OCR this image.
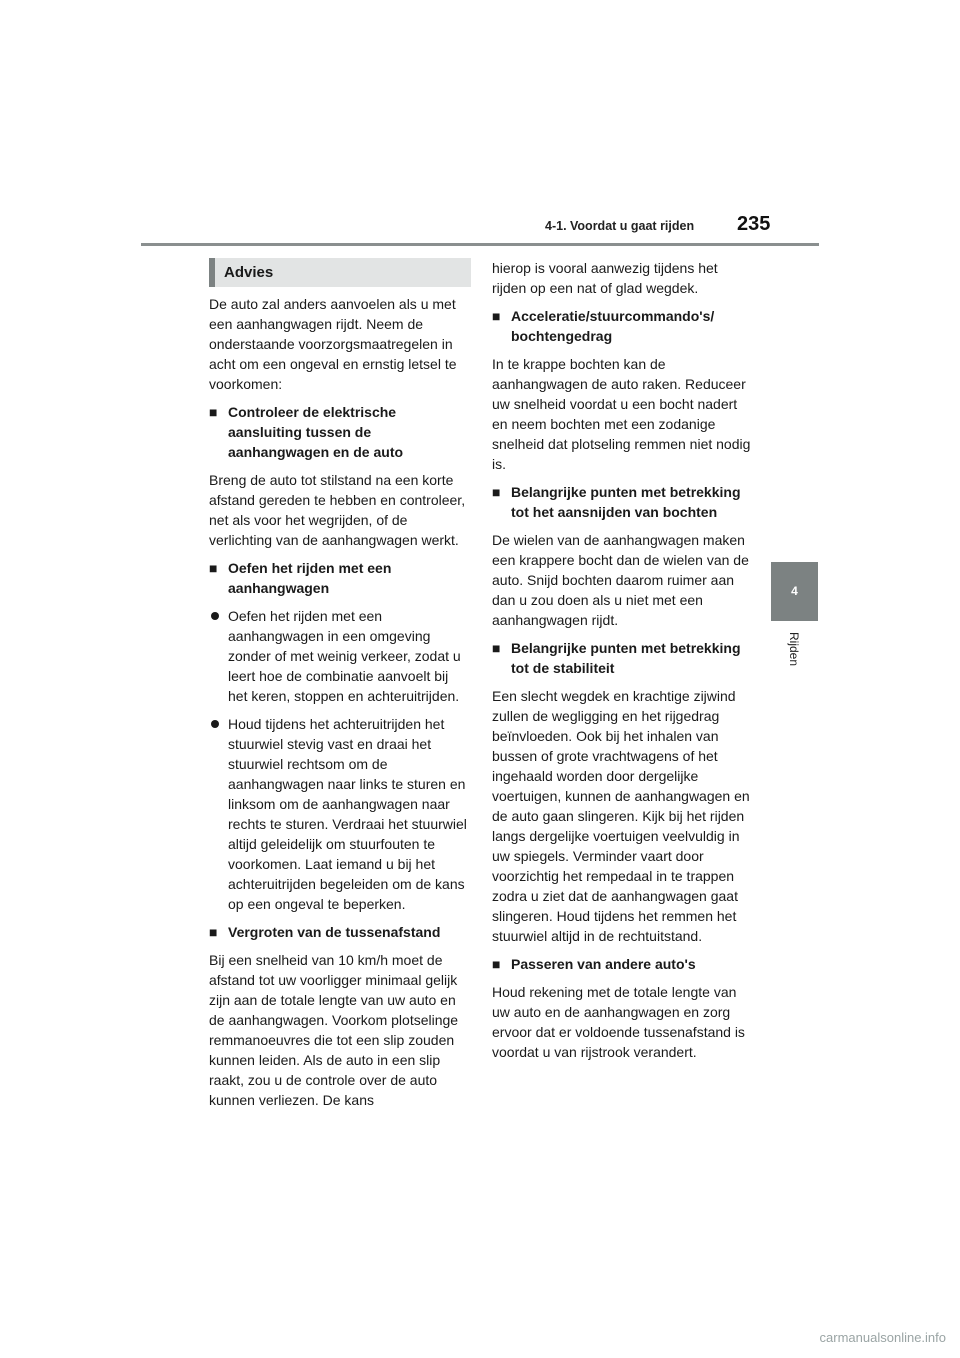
4-1. Voordat u gaat rijden 235
4
Rijden
Advies

De auto zal anders aanvoelen als u met een aanhangwagen rijdt. Neem de onderstaande voorzorgsmaatregelen in acht om een ongeval en ernstig letsel te voorkomen:

■ Controleer de elektrische aansluiting tussen de aanhangwagen en de auto

Breng de auto tot stilstand na een korte afstand gereden te hebben en controleer, net als voor het wegrijden, of de verlichting van de aanhangwagen werkt.

■ Oefen het rijden met een aanhangwagen
Oefen het rijden met een aanhangwagen in een omgeving zonder of met weinig verkeer, zodat u leert hoe de combinatie aanvoelt bij het keren, stoppen en achteruitrijden.
Houd tijdens het achteruitrijden het stuurwiel stevig vast en draai het stuurwiel rechtsom om de aanhangwagen naar links te sturen en linksom om de aanhangwagen naar rechts te sturen. Verdraai het stuurwiel altijd geleidelijk om stuurfouten te voorkomen. Laat iemand u bij het achteruitrijden begeleiden om de kans op een ongeval te beperken.
■ Vergroten van de tussenafstand

Bij een snelheid van 10 km/h moet de afstand tot uw voorligger minimaal gelijk zijn aan de totale lengte van uw auto en de aanhangwagen. Voorkom plotselinge remmanoeuvres die tot een slip zouden kunnen leiden. Als de auto in een slip raakt, zou u de controle over de auto kunnen verliezen. De kans

hierop is vooral aanwezig tijdens het rijden op een nat of glad wegdek.

■ Acceleratie/stuurcommando's/ bochtengedrag

In te krappe bochten kan de aanhangwagen de auto raken. Reduceer uw snelheid voordat u een bocht nadert en neem bochten met een zodanige snelheid dat plotseling remmen niet nodig is.

■ Belangrijke punten met betrekking tot het aansnijden van bochten

De wielen van de aanhangwagen maken een krappere bocht dan de wielen van de auto. Snijd bochten daarom ruimer aan dan u zou doen als u niet met een aanhangwagen rijdt.

■ Belangrijke punten met betrekking tot de stabiliteit

Een slecht wegdek en krachtige zijwind zullen de wegligging en het rijgedrag beïnvloeden. Ook bij het inhalen van bussen of grote vrachtwagens of het ingehaald worden door dergelijke voertuigen, kunnen de aanhangwagen en de auto gaan slingeren. Kijk bij het rijden langs dergelijke voertuigen veelvuldig in uw spiegels. Verminder vaart door voorzichtig het rempedaal in te trappen zodra u ziet dat de aanhangwagen gaat slingeren. Houd tijdens het remmen het stuurwiel altijd in de rechtuitstand.

■ Passeren van andere auto's

Houd rekening met de totale lengte van uw auto en de aanhangwagen en zorg ervoor dat er voldoende tussenafstand is voordat u van rijstrook verandert.

carmanualsonline.info
